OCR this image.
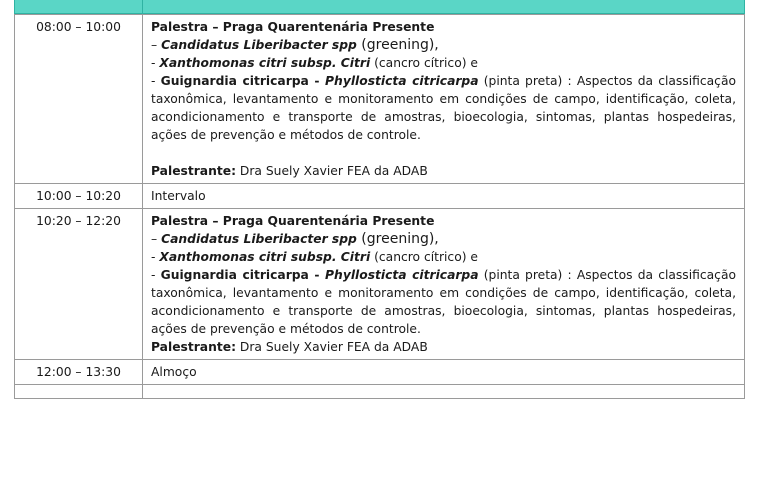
08:00 – 10:00	Palestra – Praga Quarentenária Presente
– Candidatus Liberibacter spp (greening),
- Xanthomonas citri subsp. Citri (cancro cítrico) e
- Guignardia citricarpa - Phyllosticta citricarpa (pinta preta) : Aspectos da classificação taxonômica, levantamento e monitoramento em condições de campo, identificação, coleta, acondicionamento e transporte de amostras, bioecologia, sintomas, plantas hospedeiras, ações de prevenção e métodos de controle.
Palestrante: Dra Suely Xavier FEA da ADAB

10:00 – 10:20	Intervalo
10:20 – 12:20	Palestra – Praga Quarentenária Presente
– Candidatus Liberibacter spp (greening),
- Xanthomonas citri subsp. Citri (cancro cítrico) e
- Guignardia citricarpa - Phyllosticta citricarpa (pinta preta) : Aspectos da classificação taxonômica, levantamento e monitoramento em condições de campo, identificação, coleta, acondicionamento e transporte de amostras, bioecologia, sintomas, plantas hospedeiras, ações de prevenção e métodos de controle.
Palestrante: Dra Suely Xavier FEA da ADAB

12:00 – 13:30	Almoço
